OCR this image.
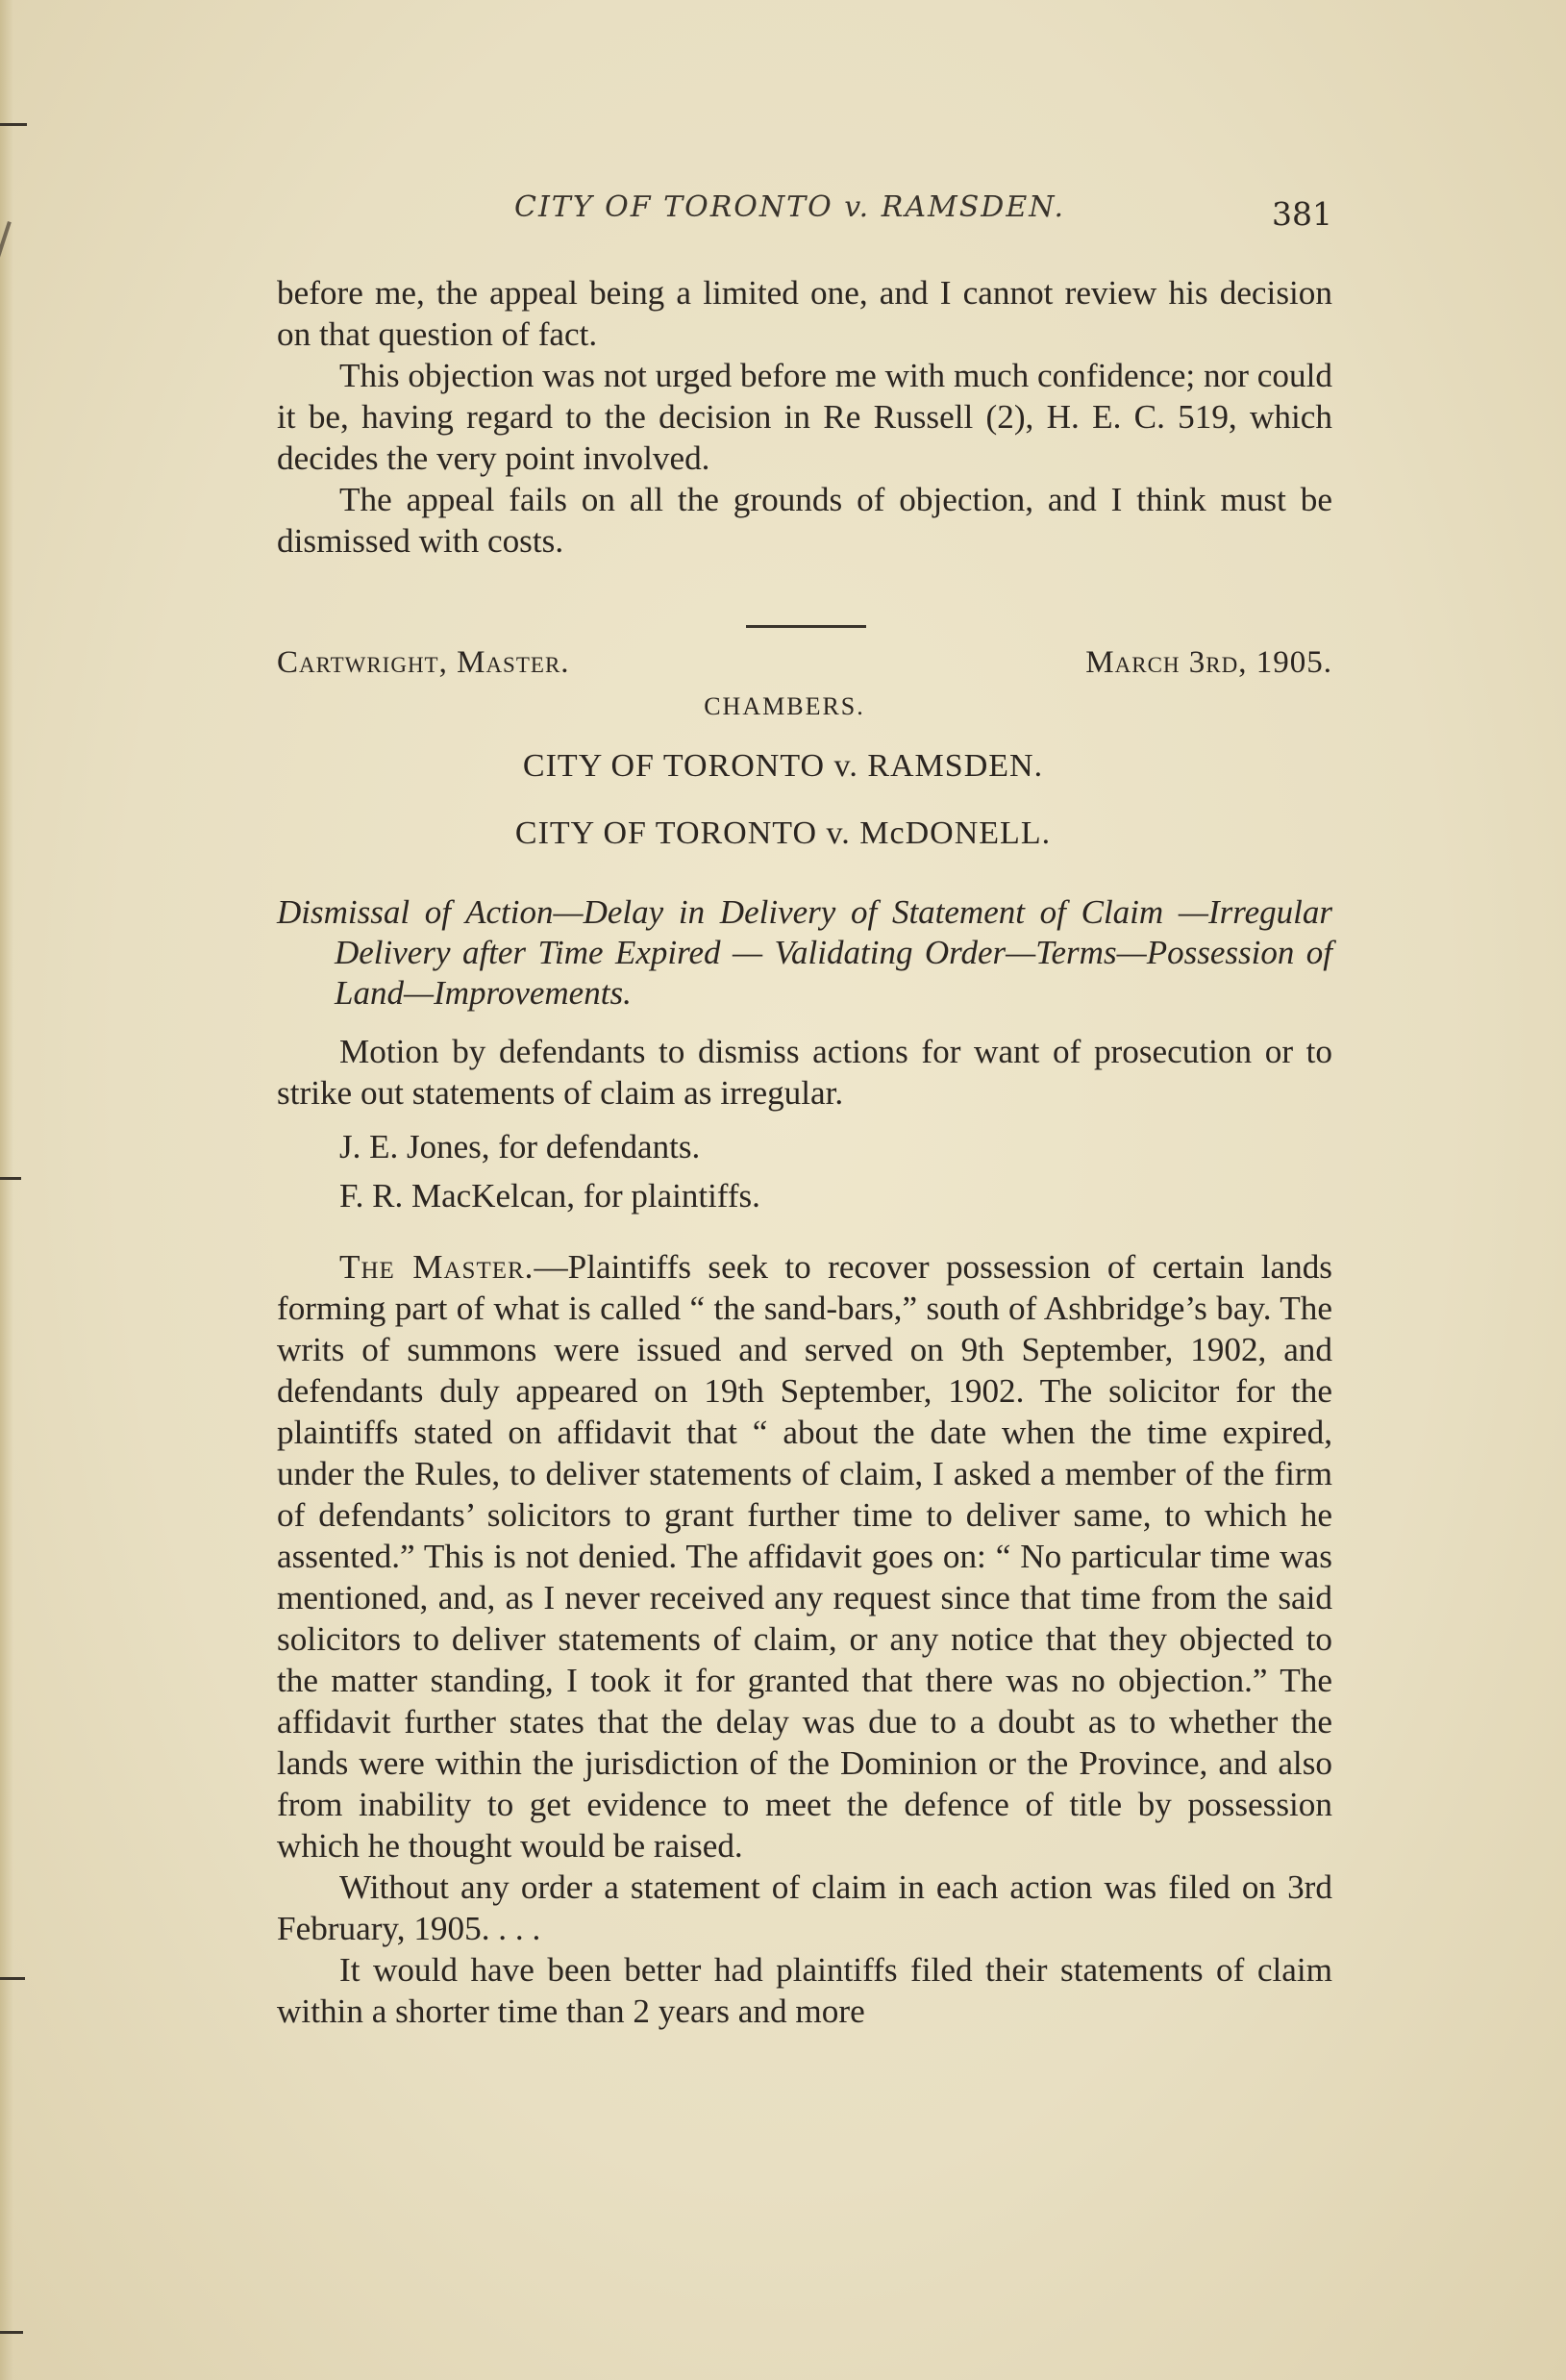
CITY OF TORONTO v. RAMSDEN.	381

before me, the appeal being a limited one, and I cannot review his decision on that question of fact.

This objection was not urged before me with much confidence; nor could it be, having regard to the decision in Re Russell (2), H. E. C. 519, which decides the very point involved.

The appeal fails on all the grounds of objection, and I think must be dismissed with costs.

Cartwright, Master.	March 3rd, 1905.
CHAMBERS.
CITY OF TORONTO v. RAMSDEN.
CITY OF TORONTO v. McDONELL.
Dismissal of Action—Delay in Delivery of Statement of Claim —Irregular Delivery after Time Expired — Validating Order—Terms—Possession of Land—Improvements.

Motion by defendants to dismiss actions for want of prosecution or to strike out statements of claim as irregular.

J. E. Jones, for defendants.
F. R. MacKelcan, for plaintiffs.

The Master.—Plaintiffs seek to recover possession of certain lands forming part of what is called “ the sand-bars,” south of Ashbridge’s bay. The writs of summons were issued and served on 9th September, 1902, and defendants duly appeared on 19th September, 1902. The solicitor for the plaintiffs stated on affidavit that “ about the date when the time expired, under the Rules, to deliver statements of claim, I asked a member of the firm of defendants’ solicitors to grant further time to deliver same, to which he assented.” This is not denied. The affidavit goes on: “ No particular time was mentioned, and, as I never received any request since that time from the said solicitors to deliver statements of claim, or any notice that they objected to the matter standing, I took it for granted that there was no objection.” The affidavit further states that the delay was due to a doubt as to whether the lands were within the jurisdiction of the Dominion or the Province, and also from inability to get evidence to meet the defence of title by possession which he thought would be raised.

Without any order a statement of claim in each action was filed on 3rd February, 1905. . . .

It would have been better had plaintiffs filed their statements of claim within a shorter time than 2 years and more
